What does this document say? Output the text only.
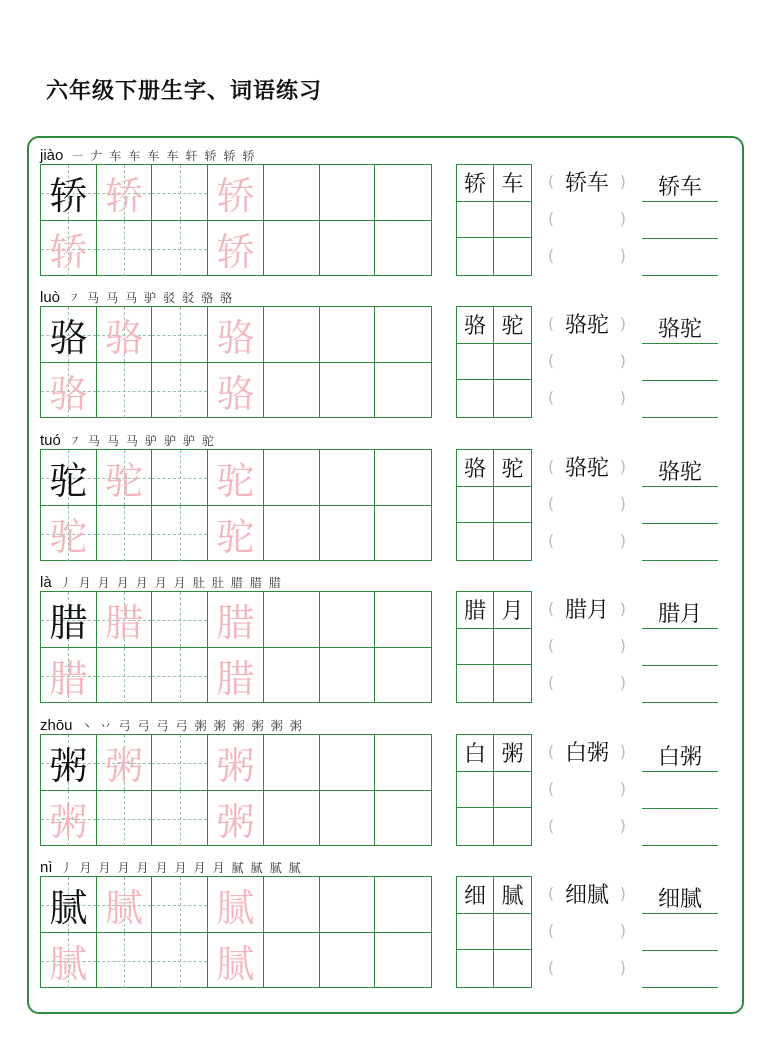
六年级下册生字、词语练习
jiào ㇐ 𠂇 车 车 车 车 轩 轿 轿 轿
轿 轿 轿
轿	轿
轿 车	( 轿车 )
(	)
(	)
轿车
luò ㇇ 马 马 马 驴 驳 驳 骆 骆
骆 骆 骆
骆	骆
骆 驼	( 骆驼 )
(	)
(	)
骆驼
tuó ㇇ 马 马 马 驴 驴 驴 驼
驼 驼 驼
驼	驼
骆 驼	( 骆驼 )
(	)
(	)
骆驼
là 丿 月 月 月 月 月 月 肚 肚 腊 腊 腊
腊 腊 腊
腊	腊
腊 月	( 腊月 )
(	)
(	)
腊月
zhōu 丶 丷 弓 弓 弓 弓 粥 粥 粥 粥 粥 粥
粥 粥 粥
粥	粥
白 粥	( 白粥 )
(	)
(	)
白粥
nì 丿 月 月 月 月 月 月 月 月 腻 腻 腻 腻
腻 腻 腻
腻	腻
细 腻	( 细腻 )
(	)
(	)
细腻
